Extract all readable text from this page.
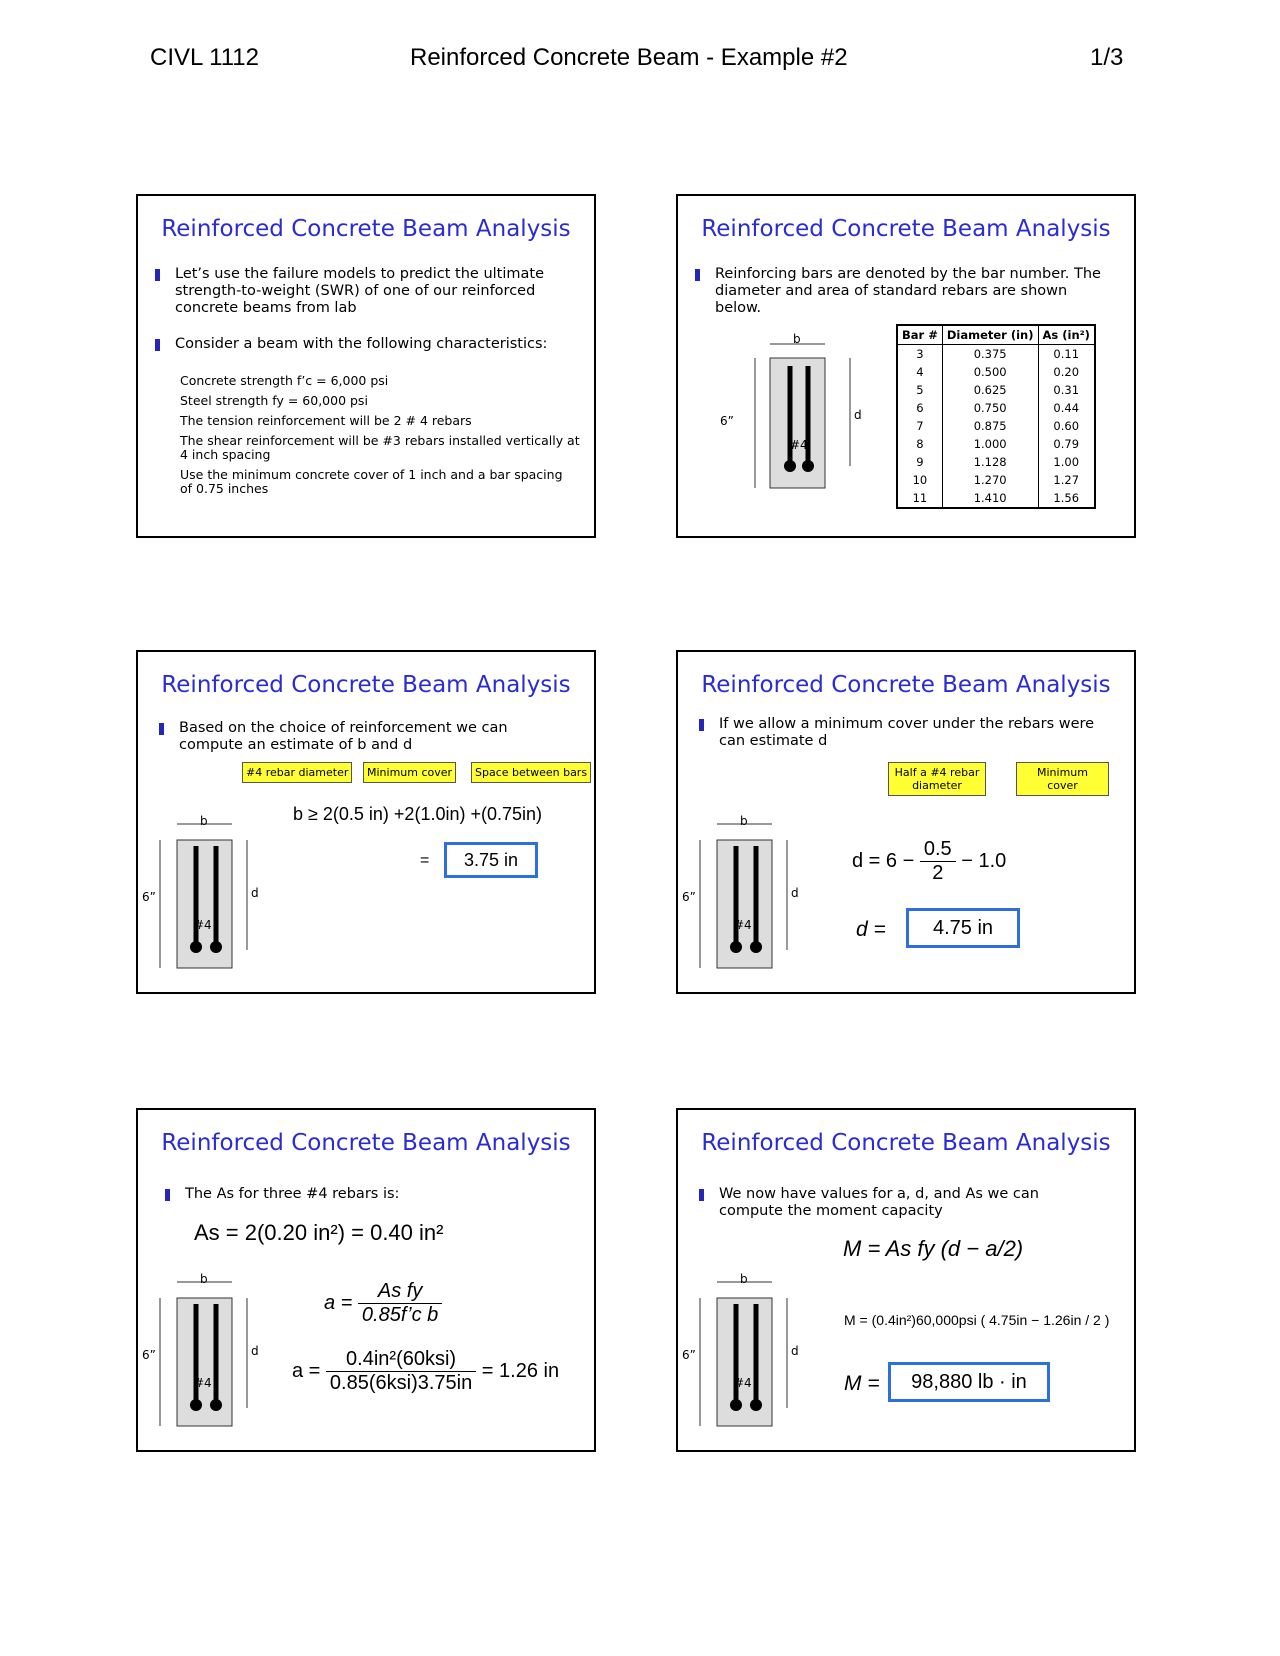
CIVL 1112	Reinforced Concrete Beam - Example #2	1/3
Reinforced Concrete Beam Analysis
Let’s use the failure models to predict the ultimate strength-to-weight (SWR) of one of our reinforced concrete beams from lab
Consider a beam with the following characteristics:
Concrete strength f’c = 6,000 psi
Steel strength fy = 60,000 psi
The tension reinforcement will be 2 # 4 rebars
The shear reinforcement will be #3 rebars installed vertically at 4 inch spacing
Use the minimum concrete cover of 1 inch and a bar spacing of 0.75 inches
Reinforced Concrete Beam Analysis
Reinforcing bars are denoted by the bar number. The diameter and area of standard rebars are shown below.
b
6”	d
#4
Bar #	Diameter (in)	As (in²)
3	0.375	0.11
4	0.500	0.20
5	0.625	0.31
6	0.750	0.44
7	0.875	0.60
8	1.000	0.79
9	1.128	1.00
10	1.270	1.27
11	1.410	1.56
Reinforced Concrete Beam Analysis
Based on the choice of reinforcement we can compute an estimate of b and d
#4 rebar diameter	Minimum cover	Space between bars
b ≥ 2(0.5 in) +2(1.0in) +(0.75in)
=	3.75 in
b
6”	d
#4
Reinforced Concrete Beam Analysis
If we allow a minimum cover under the rebars were can estimate d
Half a #4 rebar diameter
Minimum cover
$d = 6 - \frac{0.5}{2} - 1.0$
d =	4.75 in
b
6”	d
#4
Reinforced Concrete Beam Analysis
The As for three #4 rebars is:
As = 2(0.20 in²) = 0.40 in²
$a = \frac{\text{As fy}}{\text{0.85f’c b}}$
$a = \frac{\text{0.4in²(60ksi)}}{\text{0.85(6ksi)3.75in}} = 1.26$ in
b
6”	d
#4
Reinforced Concrete Beam Analysis
We now have values for a, d, and As we can compute the moment capacity
M = As fy (d − a/2)
M = (0.4in²)60,000psi ( 4.75in − 1.26in / 2 )
M =	98,880 lb · in
b
6”	d
#4
